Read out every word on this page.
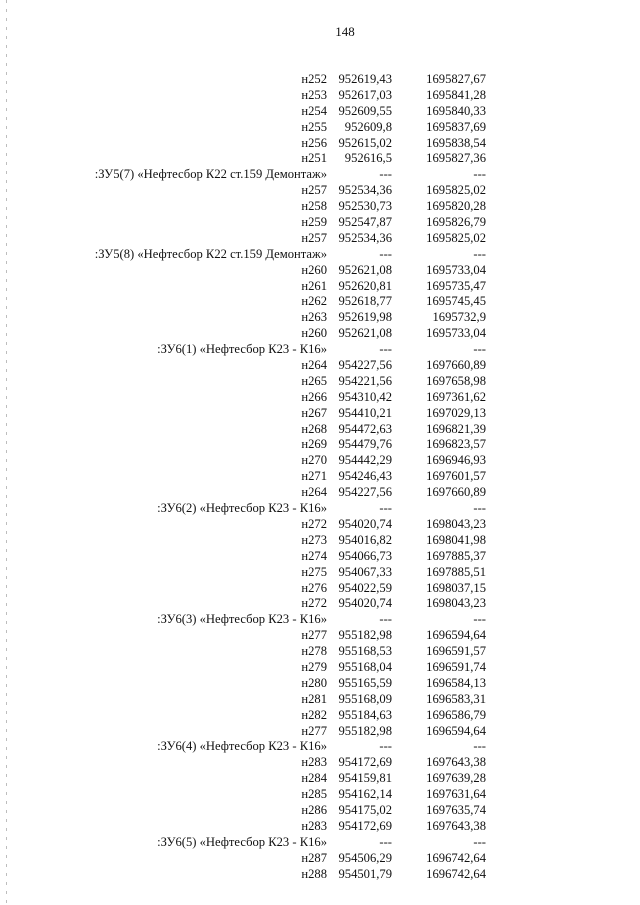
148
н252 952619,43	1695827,67
н253 952617,03	1695841,28
н254 952609,55	1695840,33
н255 952609,8	1695837,69
н256 952615,02	1695838,54
н251 952616,5	1695827,36
:ЗУ5(7) «Нефтесбор К22 ст.159 Демонтаж»	---	---
н257 952534,36	1695825,02
н258 952530,73	1695820,28
н259 952547,87	1695826,79
н257 952534,36	1695825,02
:ЗУ5(8) «Нефтесбор К22 ст.159 Демонтаж»	---	---
н260 952621,08	1695733,04
н261 952620,81	1695735,47
н262 952618,77	1695745,45
н263 952619,98	1695732,9
н260 952621,08	1695733,04
:ЗУ6(1) «Нефтесбор К23 - К16»	---	---
н264 954227,56	1697660,89
н265 954221,56	1697658,98
н266 954310,42	1697361,62
н267 954410,21	1697029,13
н268 954472,63	1696821,39
н269 954479,76	1696823,57
н270 954442,29	1696946,93
н271 954246,43	1697601,57
н264 954227,56	1697660,89
:ЗУ6(2) «Нефтесбор К23 - К16»	---	---
н272 954020,74	1698043,23
н273 954016,82	1698041,98
н274 954066,73	1697885,37
н275 954067,33	1697885,51
н276 954022,59	1698037,15
н272 954020,74	1698043,23
:ЗУ6(3) «Нефтесбор К23 - К16»	---	---
н277 955182,98	1696594,64
н278 955168,53	1696591,57
н279 955168,04	1696591,74
н280 955165,59	1696584,13
н281 955168,09	1696583,31
н282 955184,63	1696586,79
н277 955182,98	1696594,64
:ЗУ6(4) «Нефтесбор К23 - К16»	---	---
н283 954172,69	1697643,38
н284 954159,81	1697639,28
н285 954162,14	1697631,64
н286 954175,02	1697635,74
н283 954172,69	1697643,38
:ЗУ6(5) «Нефтесбор К23 - К16»	---	---
н287 954506,29	1696742,64
н288 954501,79	1696742,64
